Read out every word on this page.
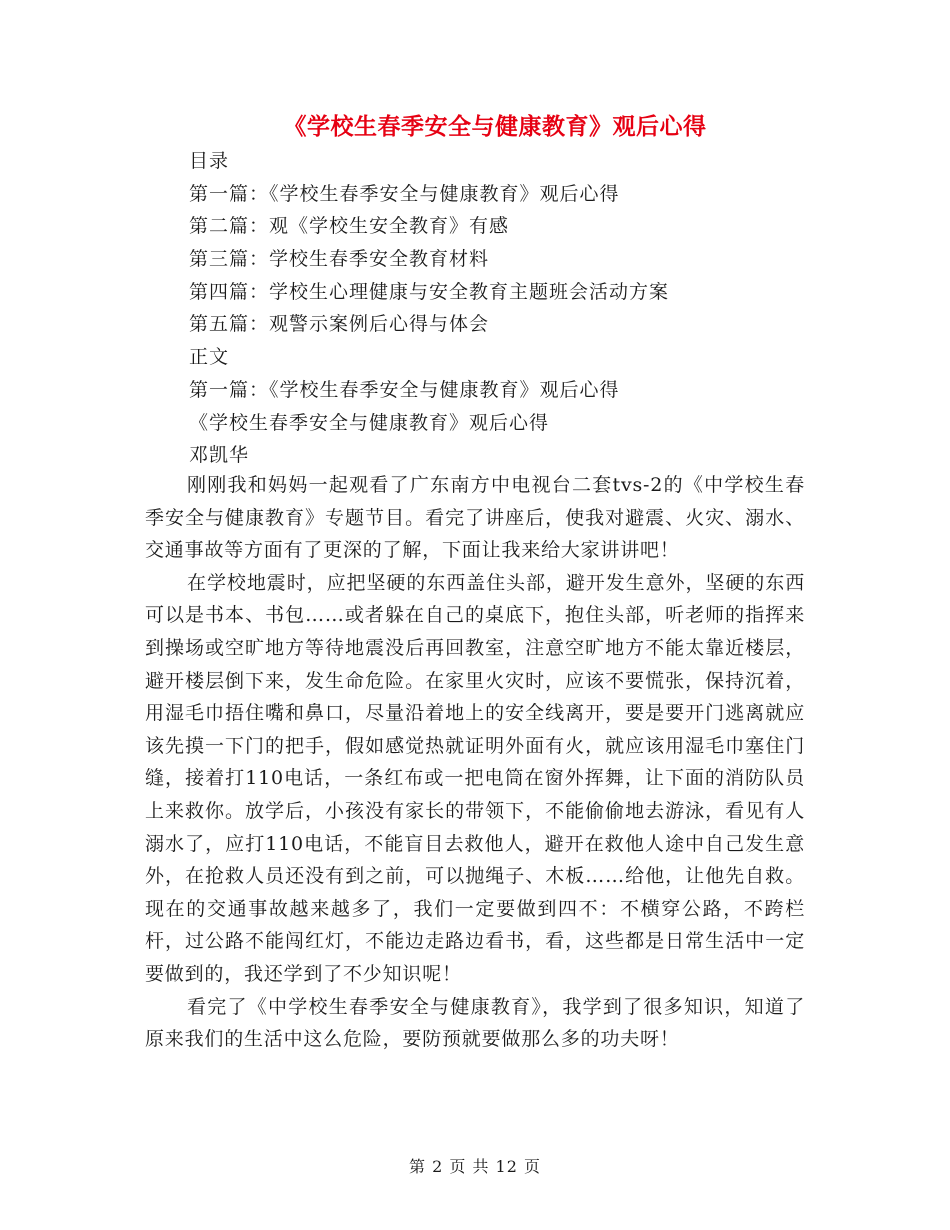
《学校生春季安全与健康教育》观后心得
目录
第一篇：《学校生春季安全与健康教育》观后心得
第二篇：观《学校生安全教育》有感
第三篇：学校生春季安全教育材料
第四篇：学校生心理健康与安全教育主题班会活动方案
第五篇：观警示案例后心得与体会
正文
第一篇：《学校生春季安全与健康教育》观后心得
《学校生春季安全与健康教育》观后心得
邓凯华

刚刚我和妈妈一起观看了广东南方中电视台二套tvs-2的《中学校生春季安全与健康教育》专题节目。看完了讲座后，使我对避震、火灾、溺水、交通事故等方面有了更深的了解，下面让我来给大家讲讲吧！

在学校地震时，应把坚硬的东西盖住头部，避开发生意外，坚硬的东西可以是书本、书包……或者躲在自己的桌底下，抱住头部，听老师的指挥来到操场或空旷地方等待地震没后再回教室，注意空旷地方不能太靠近楼层，避开楼层倒下来，发生命危险。在家里火灾时，应该不要慌张，保持沉着，用湿毛巾捂住嘴和鼻口，尽量沿着地上的安全线离开，要是要开门逃离就应该先摸一下门的把手，假如感觉热就证明外面有火，就应该用湿毛巾塞住门缝，接着打110电话，一条红布或一把电筒在窗外挥舞，让下面的消防队员上来救你。放学后，小孩没有家长的带领下，不能偷偷地去游泳，看见有人溺水了，应打110电话，不能盲目去救他人，避开在救他人途中自己发生意外，在抢救人员还没有到之前，可以抛绳子、木板……给他，让他先自救。现在的交通事故越来越多了，我们一定要做到四不：不横穿公路，不跨栏杆，过公路不能闯红灯，不能边走路边看书，看，这些都是日常生活中一定要做到的，我还学到了不少知识呢！

看完了《中学校生春季安全与健康教育》，我学到了很多知识，知道了原来我们的生活中这么危险，要防预就要做那么多的功夫呀！

第 2 页 共 12 页
